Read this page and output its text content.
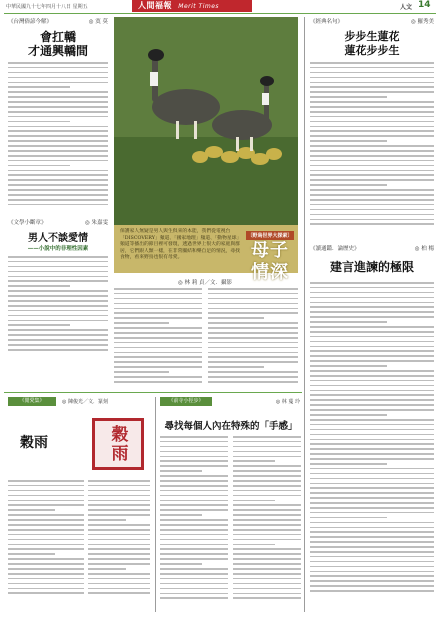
中華民國九十七年四月十八日 星期五	人間福報 Merit Times	人文 14
《台灣俗諺今解》	◎ 寞 莫
會扛轎
才通興轎間
《文學小斷章》	◎ 朱嘉雯
男人不談愛情
——小說中的非理性因素
保護家人無疑是男人與生俱來的本能，我們從電視台「DISCOVERY」頻道、「國家地理」頻道、「動物星球」頻道等播出的節目裡可發現，透過世界上很大的家庭與群居，它們跟人類一樣，在非常團結和樂自足的情況，尋找食物，看來野鳥也很有母愛。
〔野鳥世界大探索〕
母子情深
◎ 林 莉 貞／文．攝影
《經典名句》	◎ 羅秀美
步步生蓮花
蓮花步步生
《讀通鑑．論歷史》	◎ 柏 楊
建言進諫的極限
《閒愛集》	◎ 陳俊光／文．篆刻
穀雨	穀雨
《前寺小徑步》	◎ 林 蔓 玲
尋找每個人內在特殊的「手感」
